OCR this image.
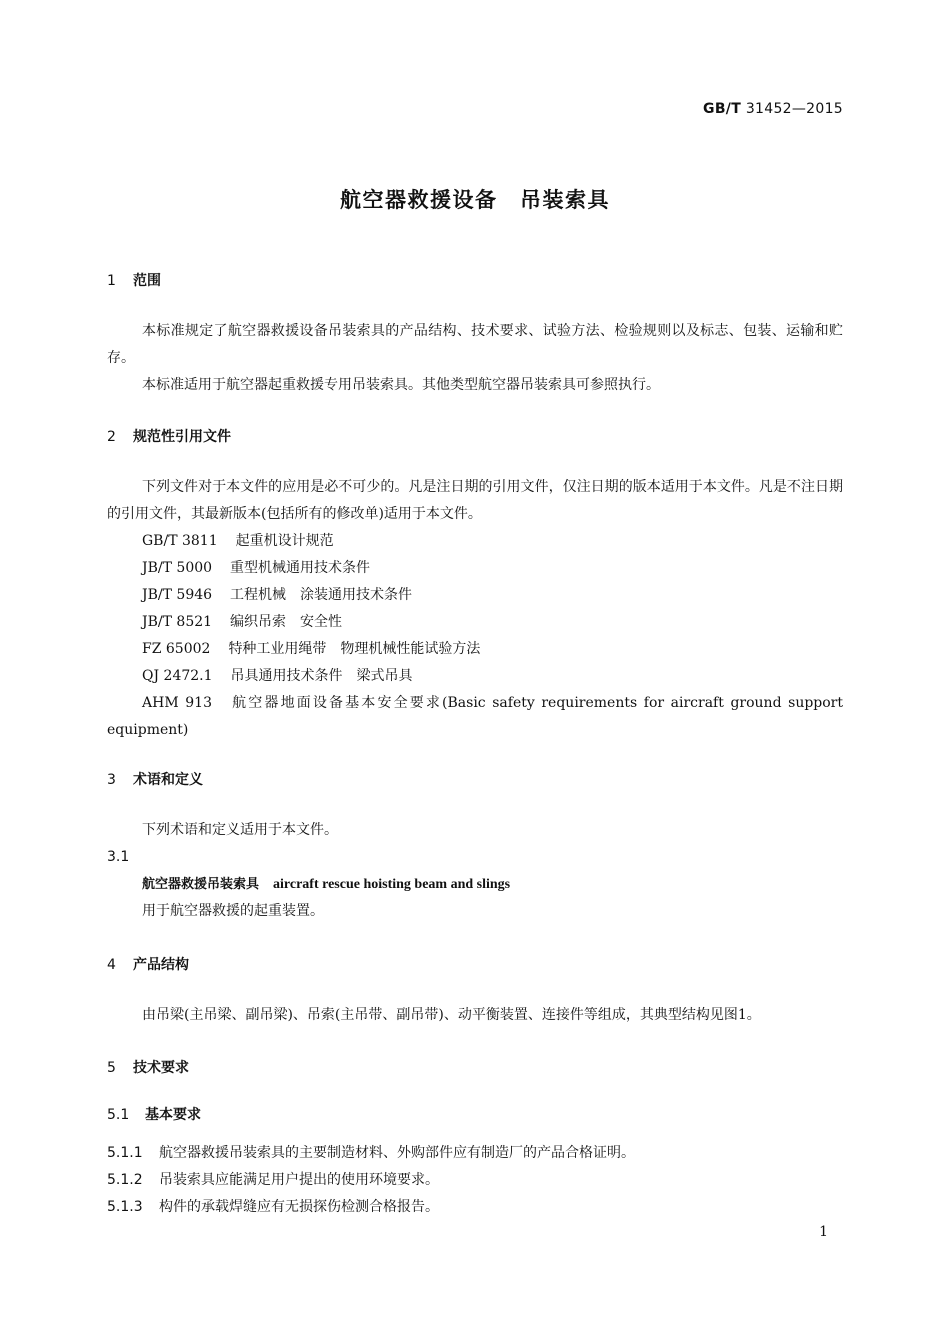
GB/T 31452—2015
航空器救援设备　吊装索具
1 范围

本标准规定了航空器救援设备吊装索具的产品结构、技术要求、试验方法、检验规则以及标志、包装、运输和贮存。

本标准适用于航空器起重救援专用吊装索具。其他类型航空器吊装索具可参照执行。

2 规范性引用文件

下列文件对于本文件的应用是必不可少的。凡是注日期的引用文件，仅注日期的版本适用于本文件。凡是不注日期的引用文件，其最新版本(包括所有的修改单)适用于本文件。

GB/T 3811 起重机设计规范

JB/T 5000 重型机械通用技术条件

JB/T 5946 工程机械　涂装通用技术条件

JB/T 8521 编织吊索　安全性

FZ 65002 特种工业用绳带　物理机械性能试验方法

QJ 2472.1 吊具通用技术条件　梁式吊具

AHM 913 航空器地面设备基本安全要求(Basic safety requirements for aircraft ground support equipment)

3 术语和定义

下列术语和定义适用于本文件。

3.1
航空器救援吊装索具 aircraft rescue hoisting beam and slings

用于航空器救援的起重装置。

4 产品结构

由吊梁(主吊梁、副吊梁)、吊索(主吊带、副吊带)、动平衡装置、连接件等组成，其典型结构见图1。

5 技术要求
5.1 基本要求

5.1.1 航空器救援吊装索具的主要制造材料、外购部件应有制造厂的产品合格证明。

5.1.2 吊装索具应能满足用户提出的使用环境要求。

5.1.3 构件的承载焊缝应有无损探伤检测合格报告。

1
